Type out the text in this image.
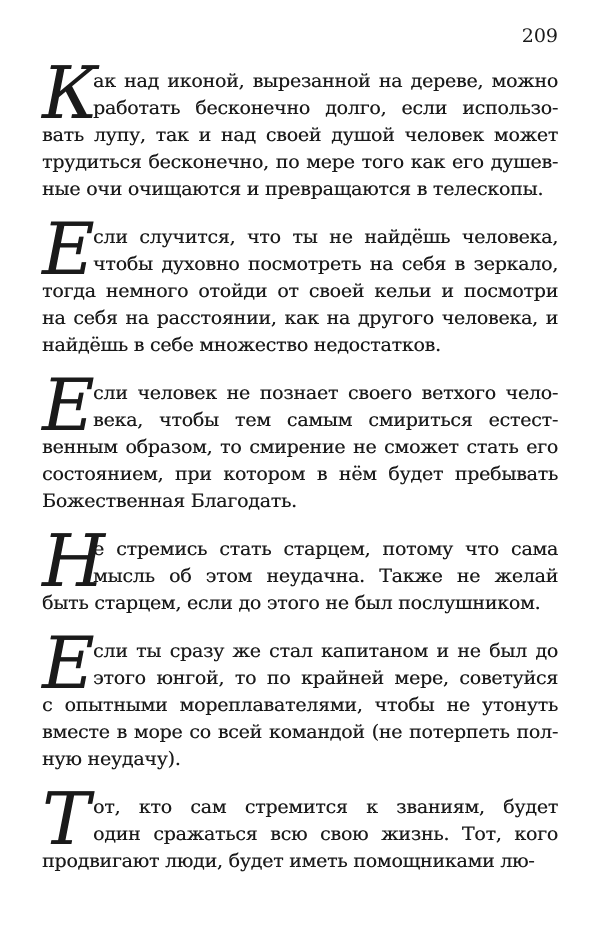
209
К
ак над иконой, вырезанной на дереве, можно
работать бесконечно долго, если использо-
вать лупу, так и над своей душой человек может
трудиться бесконечно, по мере того как его душев-
ные очи очищаются и превращаются в телескопы.
Е
сли случится, что ты не найдёшь человека,
чтобы духовно посмотреть на себя в зеркало,
тогда немного отойди от своей кельи и посмотри
на себя на расстоянии, как на другого человека, и
найдёшь в себе множество недостатков.
Е
сли человек не познает своего ветхого чело-
века, чтобы тем самым смириться естест-
венным образом, то смирение не сможет стать его
состоянием, при котором в нём будет пребывать
Божественная Благодать.
Н
е стремись стать старцем, потому что сама
мысль об этом неудачна. Также не желай
быть старцем, если до этого не был послушником.
Е
сли ты сразу же стал капитаном и не был до
этого юнгой, то по крайней мере, советуйся
с опытными мореплавателями, чтобы не утонуть
вместе в море со всей командой (не потерпеть пол-
ную неудачу).
Т от, кто сам стремится к званиям, будет
один сражаться всю свою жизнь. Тот, кого
продвигают люди, будет иметь помощниками лю-
